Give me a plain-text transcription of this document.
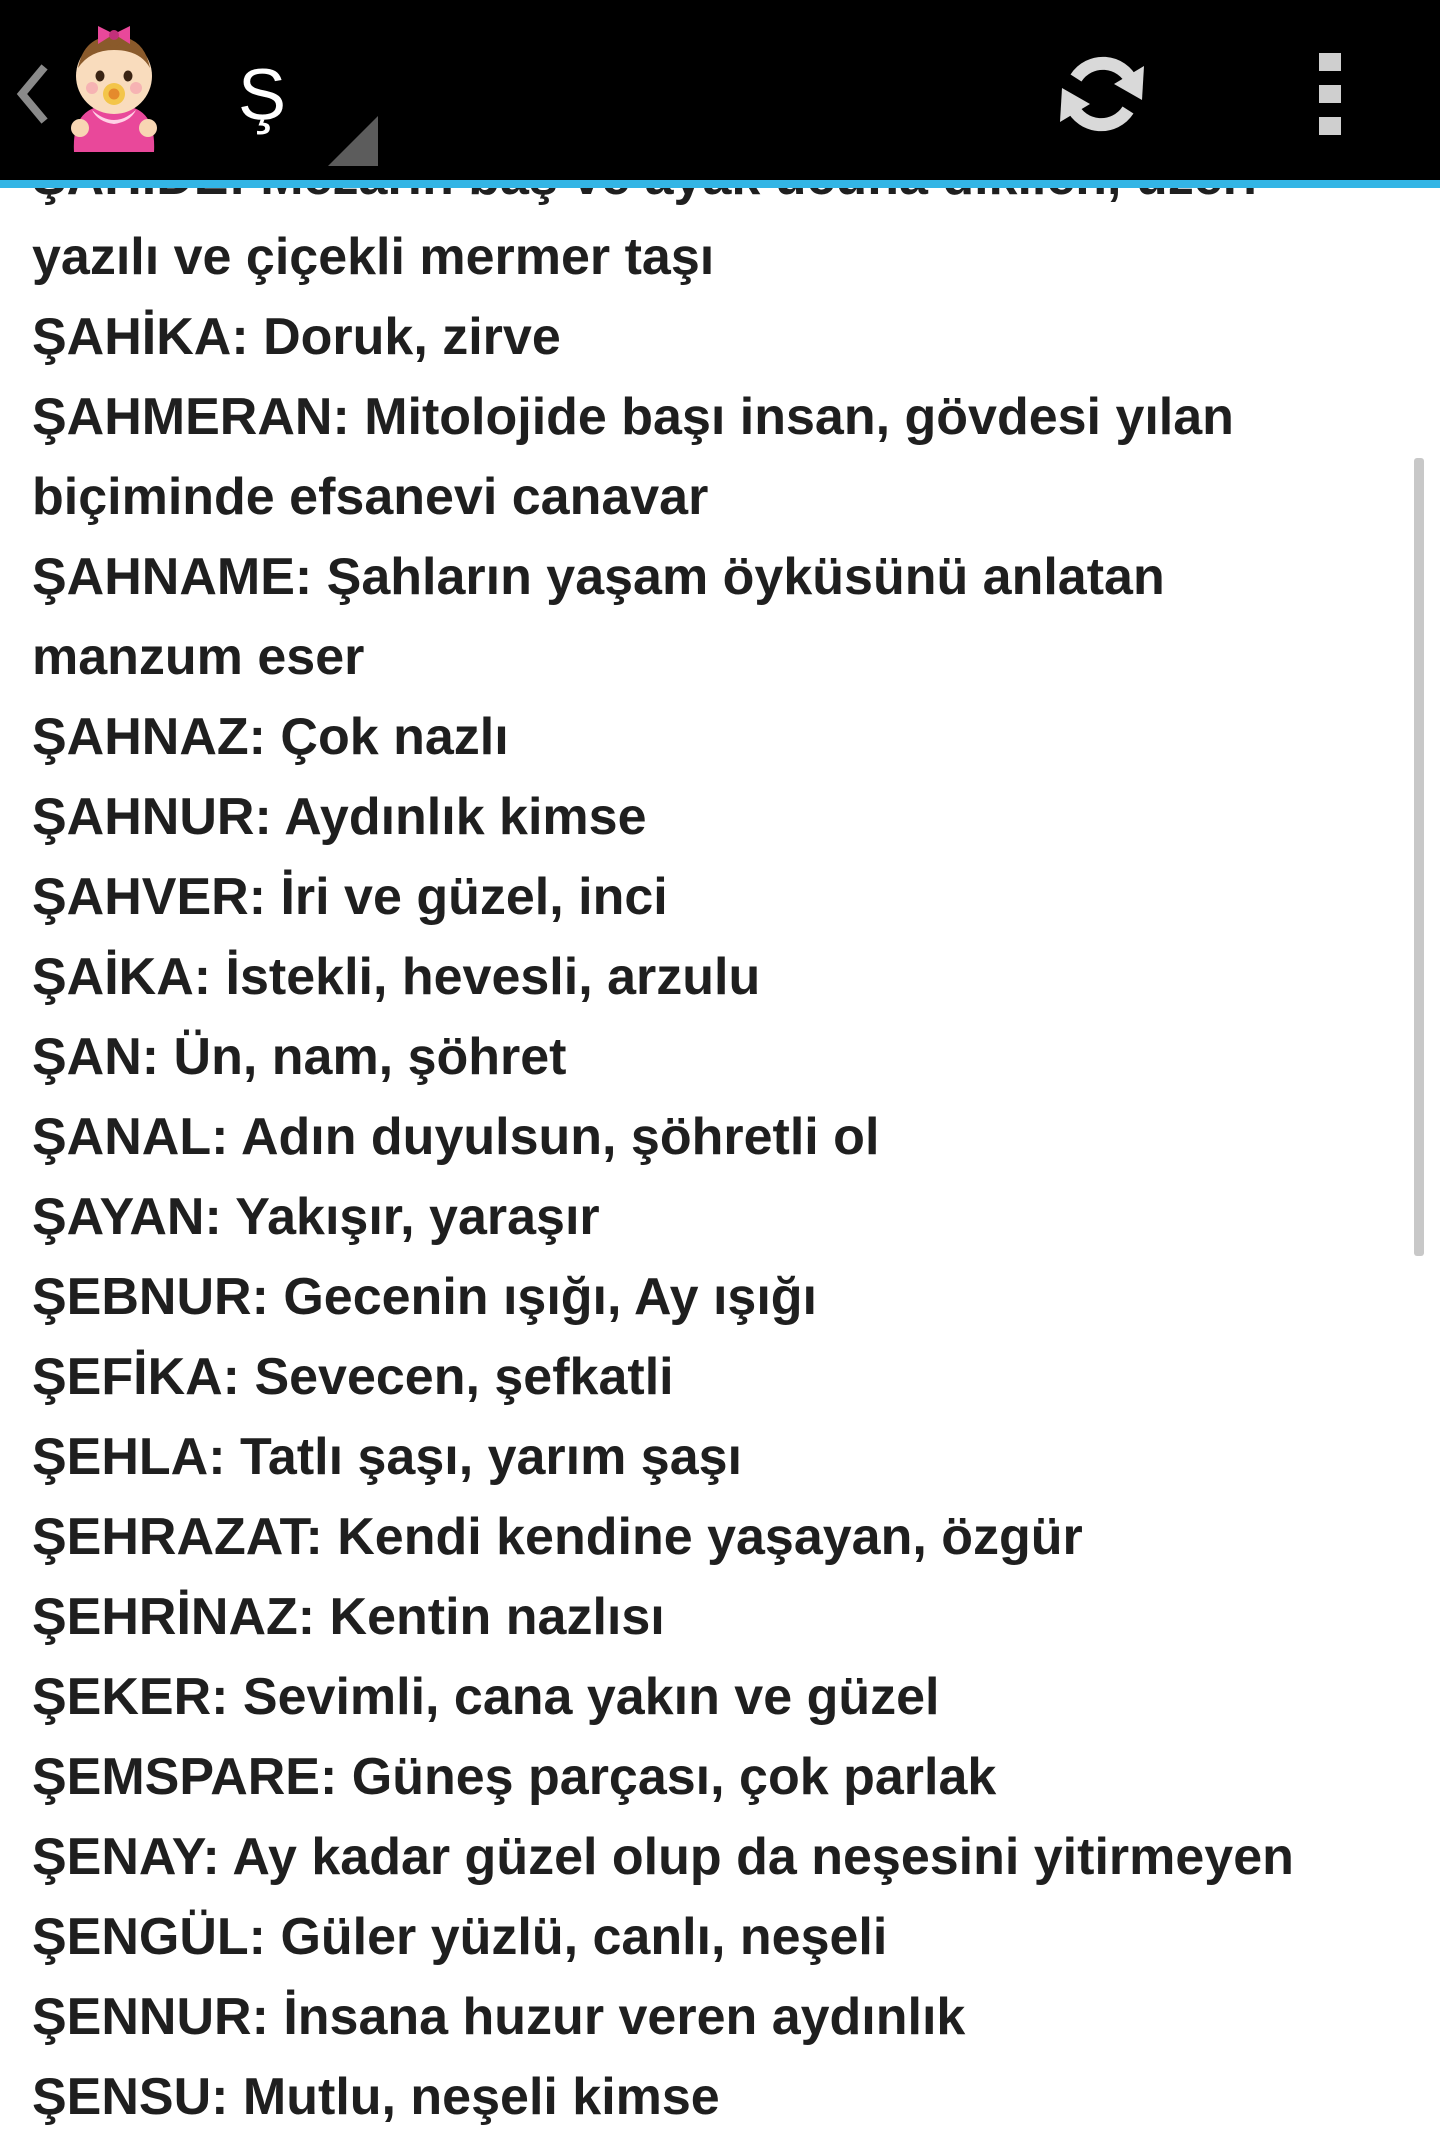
yazılı ve çiçekli mermer taşı
ŞAHİKA: Doruk, zirve
ŞAHMERAN: Mitolojide başı insan, gövdesi yılan
biçiminde efsanevi canavar
ŞAHNAME: Şahların yaşam öyküsünü anlatan
manzum eser
ŞAHNAZ: Çok nazlı
ŞAHNUR: Aydınlık kimse
ŞAHVER: İri ve güzel, inci
ŞAİKA: İstekli, hevesli, arzulu
ŞAN: Ün, nam, şöhret
ŞANAL: Adın duyulsun, şöhretli ol
ŞAYAN: Yakışır, yaraşır
ŞEBNUR: Gecenin ışığı, Ay ışığı
ŞEFİKA: Sevecen, şefkatli
ŞEHLA: Tatlı şaşı, yarım şaşı
ŞEHRAZAT: Kendi kendine yaşayan, özgür
ŞEHRİNAZ: Kentin nazlısı
ŞEKER: Sevimli, cana yakın ve güzel
ŞEMSPARE: Güneş parçası, çok parlak
ŞENAY: Ay kadar güzel olup da neşesini yitirmeyen
ŞENGÜL: Güler yüzlü, canlı, neşeli
ŞENNUR: İnsana huzur veren aydınlık
ŞENSU: Mutlu, neşeli kimse
Ş
